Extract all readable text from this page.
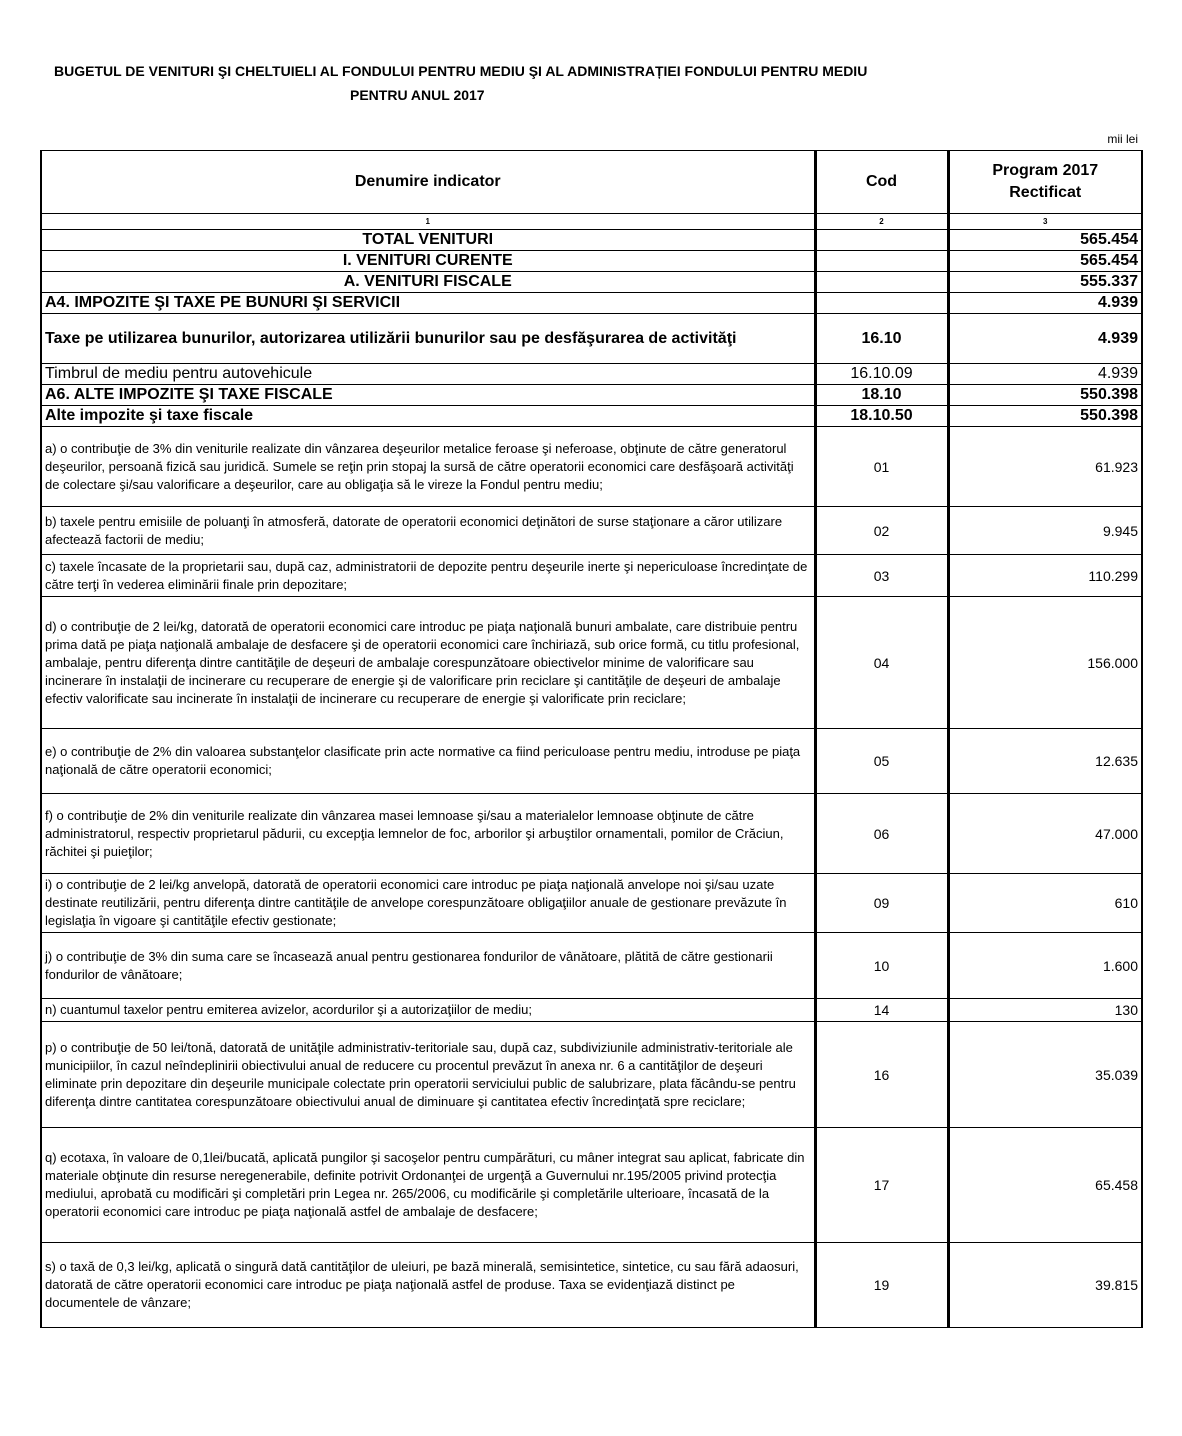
BUGETUL DE VENITURI ŞI CHELTUIELI AL FONDULUI PENTRU MEDIU ŞI AL ADMINISTRAȚIEI FONDULUI PENTRU MEDIU
PENTRU ANUL 2017
mii lei
Denumire indicator	Cod	Program 2017
Rectificat

1	2	3
TOTAL VENITURI		565.454
I. VENITURI CURENTE		565.454
A. VENITURI FISCALE		555.337
A4. IMPOZITE ŞI TAXE PE BUNURI ŞI SERVICII		4.939
Taxe pe utilizarea bunurilor, autorizarea utilizării bunurilor sau pe desfăşurarea de activităţi	16.10	4.939
Timbrul de mediu pentru autovehicule	16.10.09	4.939
A6. ALTE IMPOZITE ŞI TAXE FISCALE	18.10	550.398
Alte impozite şi taxe fiscale	18.10.50	550.398
a) o contribuţie de 3% din veniturile realizate din vânzarea deşeurilor metalice feroase şi neferoase, obţinute de către generatorul deşeurilor, persoană fizică sau juridică. Sumele se reţin prin stopaj la sursă de către operatorii economici care desfăşoară activităţi de colectare şi/sau valorificare a deşeurilor, care au obligaţia să le vireze la Fondul pentru mediu;	01	61.923
b) taxele pentru emisiile de poluanţi în atmosferă, datorate de operatorii economici deţinători de surse staţionare a căror utilizare afectează factorii de mediu;	02	9.945
c) taxele încasate de la proprietarii sau, după caz, administratorii de depozite pentru deşeurile inerte şi nepericuloase încredinţate de către terţi în vederea eliminării finale prin depozitare;	03	110.299
d) o contribuţie de 2 lei/kg, datorată de operatorii economici care introduc pe piaţa naţională bunuri ambalate, care distribuie pentru prima dată pe piaţa naţională ambalaje de desfacere şi de operatorii economici care închiriază, sub orice formă, cu titlu profesional, ambalaje, pentru diferenţa dintre cantităţile de deşeuri de ambalaje corespunzătoare obiectivelor minime de valorificare sau incinerare în instalaţii de incinerare cu recuperare de energie şi de valorificare prin reciclare şi cantităţile de deşeuri de ambalaje efectiv valorificate sau incinerate în instalaţii de incinerare cu recuperare de energie şi valorificate prin reciclare;	04	156.000
e) o contribuţie de 2% din valoarea substanţelor clasificate prin acte normative ca fiind periculoase pentru mediu, introduse pe piaţa naţională de către operatorii economici;	05	12.635
f) o contribuţie de 2% din veniturile realizate din vânzarea masei lemnoase şi/sau a materialelor lemnoase obţinute de către administratorul, respectiv proprietarul pădurii, cu excepţia lemnelor de foc, arborilor şi arbuştilor ornamentali, pomilor de Crăciun, răchitei şi puieţilor;	06	47.000
i) o contribuţie de 2 lei/kg anvelopă, datorată de operatorii economici care introduc pe piaţa naţională anvelope noi şi/sau uzate destinate reutilizării, pentru diferenţa dintre cantităţile de anvelope corespunzătoare obligaţiilor anuale de gestionare prevăzute în legislaţia în vigoare şi cantităţile efectiv gestionate;	09	610
j) o contribuţie de 3% din suma care se încasează anual pentru gestionarea fondurilor de vânătoare, plătită de către gestionarii fondurilor de vânătoare;	10	1.600
n) cuantumul taxelor pentru emiterea avizelor, acordurilor şi a autorizaţiilor de mediu;	14	130
p) o contribuţie de 50 lei/tonă, datorată de unităţile administrativ-teritoriale sau, după caz, subdiviziunile administrativ-teritoriale ale municipiilor, în cazul neîndeplinirii obiectivului anual de reducere cu procentul prevăzut în anexa nr. 6 a cantităţilor de deşeuri eliminate prin depozitare din deşeurile municipale colectate prin operatorii serviciului public de salubrizare, plata făcându-se pentru diferenţa dintre cantitatea corespunzătoare obiectivului anual de diminuare şi cantitatea efectiv încredinţată spre reciclare;	16	35.039
q) ecotaxa, în valoare de 0,1lei/bucată, aplicată pungilor şi sacoşelor pentru cumpărături, cu mâner integrat sau aplicat, fabricate din materiale obţinute din resurse neregenerabile, definite potrivit Ordonanţei de urgenţă a Guvernului nr.195/2005 privind protecţia mediului, aprobată cu modificări şi completări prin Legea nr. 265/2006, cu modificările şi completările ulterioare, încasată de la operatorii economici care introduc pe piaţa naţională astfel de ambalaje de desfacere;	17	65.458
s) o taxă de 0,3 lei/kg, aplicată o singură dată cantităţilor de uleiuri, pe bază minerală, semisintetice, sintetice, cu sau fără adaosuri, datorată de către operatorii economici care introduc pe piaţa naţională astfel de produse. Taxa se evidenţiază distinct pe documentele de vânzare;	19	39.815
